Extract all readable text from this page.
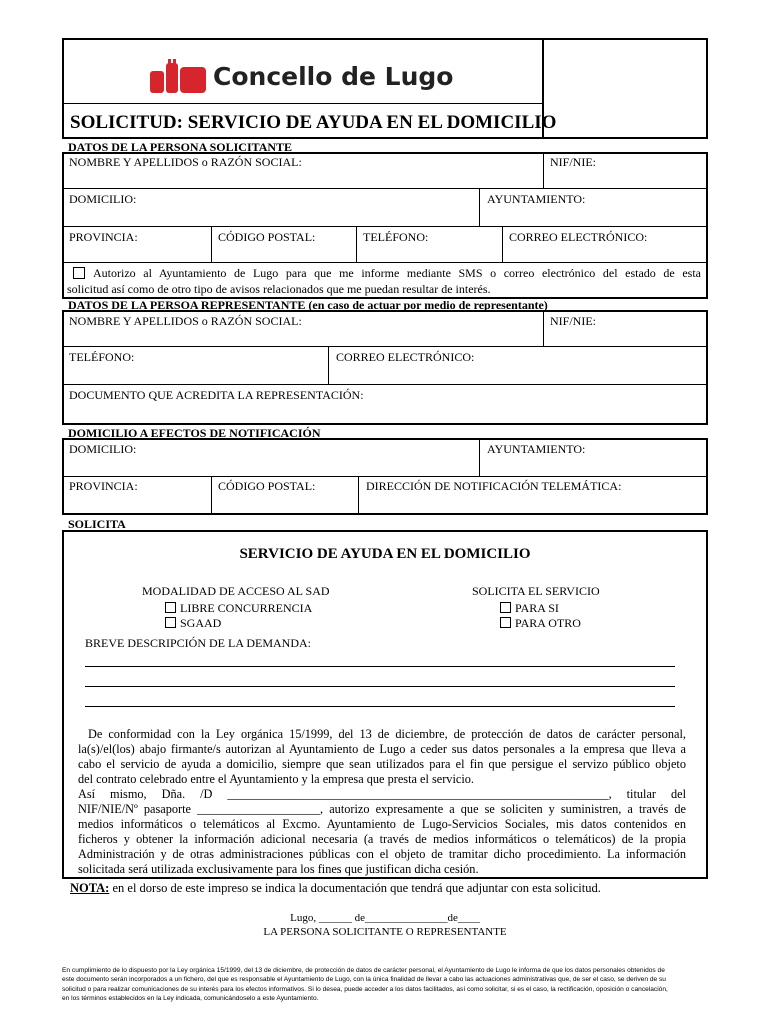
Concello de Lugo
SOLICITUD: SERVICIO DE AYUDA EN EL DOMICILIO
DATOS DE LA PERSONA SOLICITANTE
NOMBRE Y APELLIDOS o RAZÓN SOCIAL:	NIF/NIE:
DOMICILIO:	AYUNTAMIENTO:
PROVINCIA:	CÓDIGO POSTAL:	TELÉFONO:	CORREO ELECTRÓNICO:
Autorizo al Ayuntamiento de Lugo para que me informe mediante SMS o correo electrónico del estado de esta
solicitud así como de otro tipo de avisos relacionados que me puedan resultar de interés.
DATOS DE LA PERSOA REPRESENTANTE (en caso de actuar por medio de representante)
NOMBRE Y APELLIDOS o RAZÓN SOCIAL:	NIF/NIE:
TELÉFONO:	CORREO ELECTRÓNICO:
DOCUMENTO QUE ACREDITA LA REPRESENTACIÓN:
DOMICILIO A EFECTOS DE NOTIFICACIÓN
DOMICILIO:	AYUNTAMIENTO:
PROVINCIA:	CÓDIGO POSTAL:	DIRECCIÓN DE NOTIFICACIÓN TELEMÁTICA:
SOLICITA
SERVICIO DE AYUDA EN EL DOMICILIO
MODALIDAD DE ACCESO AL SAD
LIBRE CONCURRENCIA
SGAAD
SOLICITA EL SERVICIO
PARA SI
PARA OTRO
BREVE DESCRIPCIÓN DE LA DEMANDA:
De conformidad con la Ley orgánica 15/1999, del 13 de diciembre, de protección de datos de carácter personal,
la(s)/el(los) abajo firmante/s autorizan al Ayuntamiento de Lugo a ceder sus datos personales a la empresa que lleva a
cabo el servicio de ayuda a domicilio, siempre que sean utilizados para el fin que persigue el servizo público objeto
del contrato celebrado entre el Ayuntamiento y la empresa que presta el servicio.
Así mismo, Dña. /D ______________________________________________________________, titular del
NIF/NIE/Nº pasaporte ____________________, autorizo expresamente a que se soliciten y suministren, a través de
medios informáticos o telemáticos al Excmo. Ayuntamiento de Lugo-Servicios Sociales, mis datos contenidos en
ficheros y obtener la información adicional necesaria (a través de medios informáticos o telemáticos) de la propia
Administración y de otras administraciones públicas con el objeto de tramitar dicho procedimiento. La información
solicitada será utilizada exclusivamente para los fines que justifican dicha cesión.
NOTA: en el dorso de este impreso se indica la documentación que tendrá que adjuntar con esta solicitud.
Lugo, ______ de_______________de____
LA PERSONA SOLICITANTE O REPRESENTANTE
En cumplimiento de lo dispuesto por la Ley orgánica 15/1999, del 13 de diciembre, de protección de datos de carácter personal, el Ayuntamiento de Lugo le informa de que los datos personales obtenidos de
este documento serán incorporados a un fichero, del que es responsable el Ayuntamiento de Lugo, con la única finalidad de llevar a cabo las actuaciones administrativas que, de ser el caso, se deriven de su
solicitud o para realizar comunicaciones de su interés para los efectos informativos. Si lo desea, puede acceder a los datos facilitados, así como solicitar, si es el caso, la rectificación, oposición o cancelación,
en los términos establecidos en la Ley indicada, comunicándoselo a este Ayuntamiento.
